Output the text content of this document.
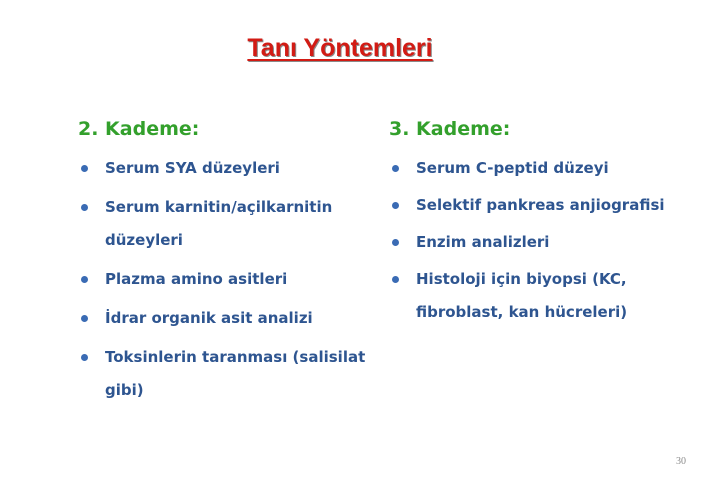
Tanı Yöntemleri
2. Kademe:
Serum SYA düzeyleri
Serum karnitin/açilkarnitin düzeyleri
Plazma amino asitleri
İdrar organik asit analizi
Toksinlerin taranması (salisilat gibi)
3. Kademe:
Serum C-peptid düzeyi
Selektif pankreas anjiografisi
Enzim analizleri
Histoloji için biyopsi (KC, fibroblast, kan hücreleri)
30
